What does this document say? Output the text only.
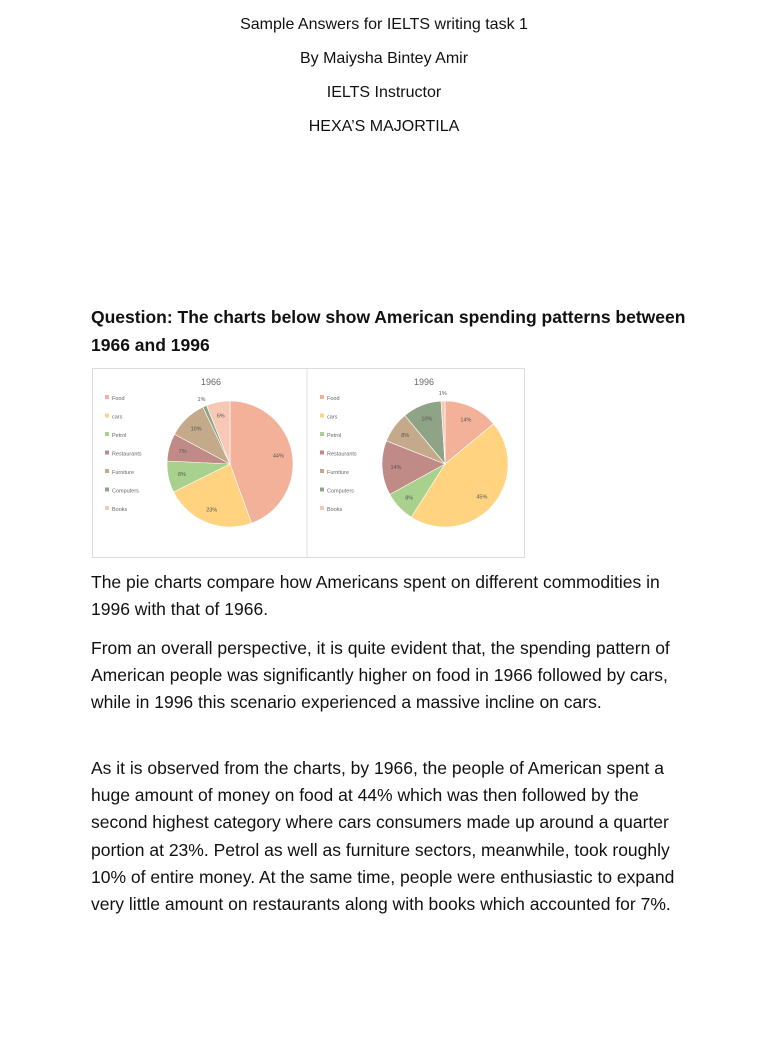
Sample Answers for IELTS writing task 1

By Maiysha Bintey Amir

IELTS Instructor

HEXA’S MAJORTILA

Question: The charts below show American spending patterns between 1966 and 1996
1966
Food
cars
Petrol
Restaurants
Furniture
Computers
Books
44%
23%
8%
7%
10%
1%
6%
1996
Food
cars
Petrol
Restaurants
Furniture
Computers
Books
14%
45%
8%
14%
8%
10%
1%

The pie charts compare how Americans spent on different commodities in 1996 with that of 1966.

From an overall perspective, it is quite evident that, the spending pattern of American people was significantly higher on food in 1966 followed by cars, while in 1996 this scenario experienced a massive incline on cars.

As it is observed from the charts, by 1966, the people of American spent a huge amount of money on food at 44% which was then followed by the second highest category where cars consumers made up around a quarter portion at 23%. Petrol as well as furniture sectors, meanwhile, took roughly 10% of entire money. At the same time, people were enthusiastic to expand very little amount on restaurants along with books which accounted for 7%.
